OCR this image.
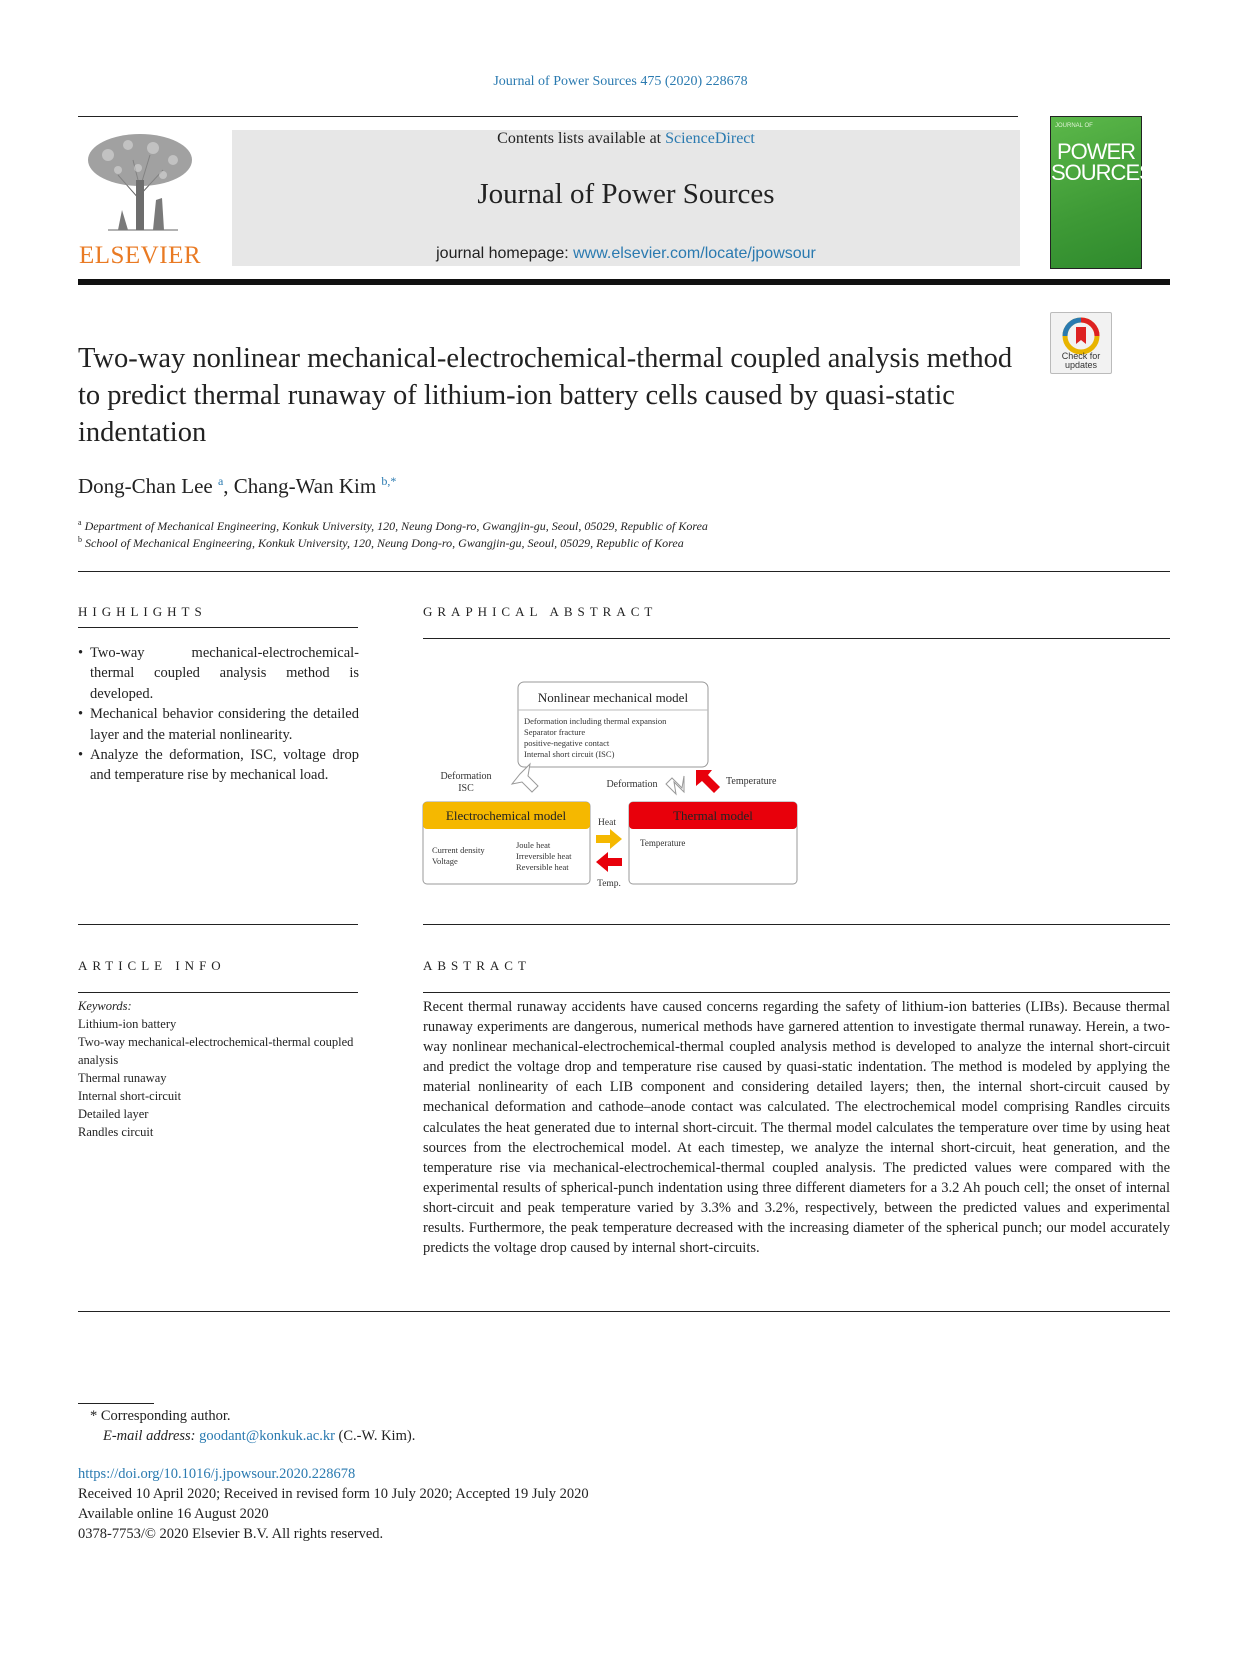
Journal of Power Sources 475 (2020) 228678
ELSEVIER
Contents lists available at ScienceDirect
Journal of Power Sources
journal homepage: www.elsevier.com/locate/jpowsour
JOURNAL OF
POWER
SOURCES
Check for updates
Two-way nonlinear mechanical-electrochemical-thermal coupled analysis method to predict thermal runaway of lithium-ion battery cells caused by quasi-static indentation
Dong-Chan Lee $^a$, Chang-Wan Kim $^{b,*}$
$^a$ Department of Mechanical Engineering, Konkuk University, 120, Neung Dong-ro, Gwangjin-gu, Seoul, 05029, Republic of Korea
$^b$ School of Mechanical Engineering, Konkuk University, 120, Neung Dong-ro, Gwangjin-gu, Seoul, 05029, Republic of Korea
HIGHLIGHTS
• Two-way mechanical-electrochemical-thermal coupled analysis method is developed.
• Mechanical behavior considering the detailed layer and the material nonlinearity.
• Analyze the deformation, ISC, voltage drop and temperature rise by mechanical load.
GRAPHICAL ABSTRACT
Nonlinear mechanical model
Deformation including thermal expansion
Separator fracture
positive-negative contact
Internal short circuit (ISC)
Deformation
ISC	Deformation	Temperature
Electrochemical model
Current density
Voltage
Joule heat
Irreversible heat
Reversible heat
Heat
Temp.
Thermal model
Temperature
ARTICLE INFO
Keywords:
Lithium-ion battery
Two-way mechanical-electrochemical-thermal coupled analysis
Thermal runaway
Internal short-circuit
Detailed layer
Randles circuit
ABSTRACT
Recent thermal runaway accidents have caused concerns regarding the safety of lithium-ion batteries (LIBs). Because thermal runaway experiments are dangerous, numerical methods have garnered attention to investigate thermal runaway. Herein, a two-way nonlinear mechanical-electrochemical-thermal coupled analysis method is developed to analyze the internal short-circuit and predict the voltage drop and temperature rise caused by quasi-static indentation. The method is modeled by applying the material nonlinearity of each LIB component and considering detailed layers; then, the internal short-circuit caused by mechanical deformation and cathode–anode contact was calculated. The electrochemical model comprising Randles circuits calculates the heat generated due to internal short-circuit. The thermal model calculates the temperature over time by using heat sources from the electrochemical model. At each timestep, we analyze the internal short-circuit, heat generation, and the temperature rise via mechanical-electrochemical-thermal coupled analysis. The predicted values were compared with the experimental results of spherical-punch indentation using three different diameters for a 3.2 Ah pouch cell; the onset of internal short-circuit and peak temperature varied by 3.3% and 3.2%, respectively, between the predicted values and experimental results. Furthermore, the peak temperature decreased with the increasing diameter of the spherical punch; our model accurately predicts the voltage drop caused by internal short-circuits.
* Corresponding author.
E-mail address: goodant@konkuk.ac.kr (C.-W. Kim).
https://doi.org/10.1016/j.jpowsour.2020.228678
Received 10 April 2020; Received in revised form 10 July 2020; Accepted 19 July 2020
Available online 16 August 2020
0378-7753/© 2020 Elsevier B.V. All rights reserved.
